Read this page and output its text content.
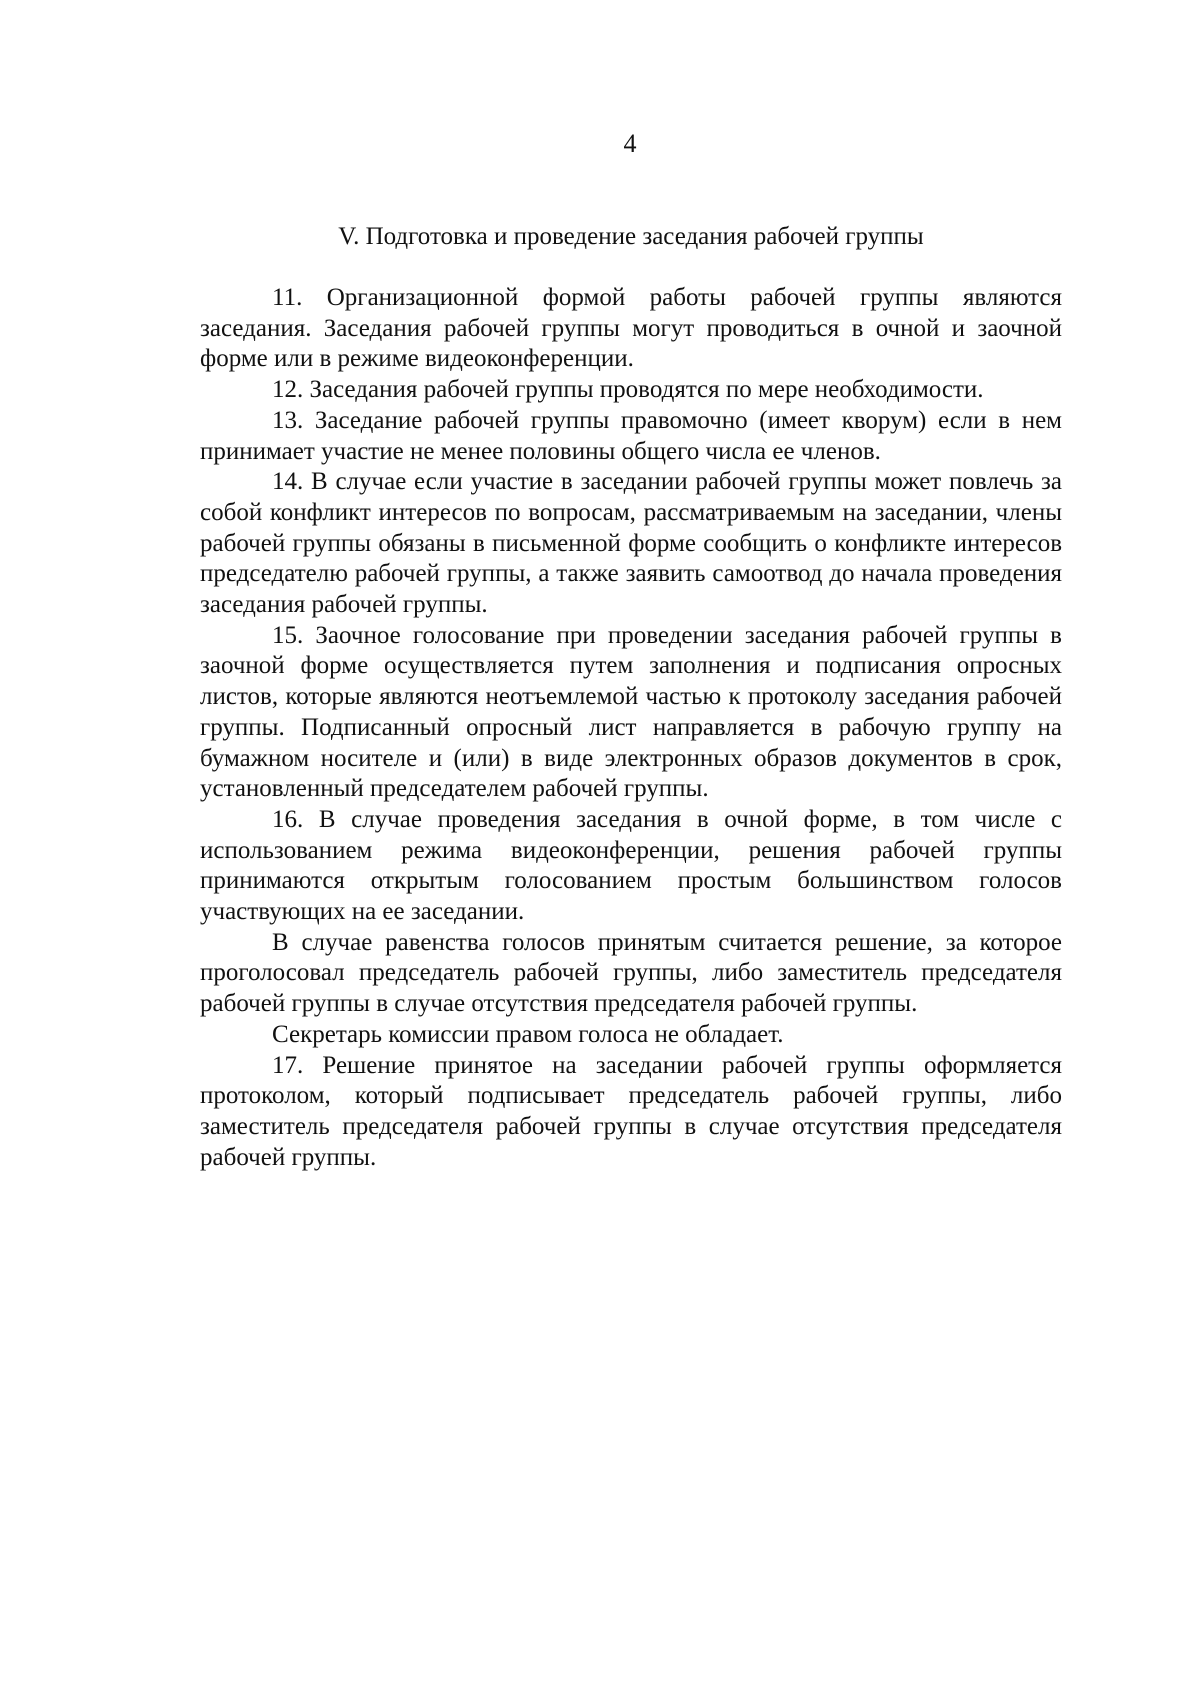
4
V. Подготовка и проведение заседания рабочей группы

11. Организационной формой работы рабочей группы являются заседания. Заседания рабочей группы могут проводиться в очной и заочной форме или в режиме видеоконференции.

12. Заседания рабочей группы проводятся по мере необходимости.

13. Заседание рабочей группы правомочно (имеет кворум) если в нем принимает участие не менее половины общего числа ее членов.

14. В случае если участие в заседании рабочей группы может повлечь за собой конфликт интересов по вопросам, рассматриваемым на заседании, члены рабочей группы обязаны в письменной форме сообщить о конфликте интересов председателю рабочей группы, а также заявить самоотвод до начала проведения заседания рабочей группы.

15. Заочное голосование при проведении заседания рабочей группы в заочной форме осуществляется путем заполнения и подписания опросных листов, которые являются неотъемлемой частью к протоколу заседания рабочей группы. Подписанный опросный лист направляется в рабочую группу на бумажном носителе и (или) в виде электронных образов документов в срок, установленный председателем рабочей группы.

16. В случае проведения заседания в очной форме, в том числе с использованием режима видеоконференции, решения рабочей группы принимаются открытым голосованием простым большинством голосов участвующих на ее заседании.

В случае равенства голосов принятым считается решение, за которое проголосовал председатель рабочей группы, либо заместитель председателя рабочей группы в случае отсутствия председателя рабочей группы.

Секретарь комиссии правом голоса не обладает.

17. Решение принятое на заседании рабочей группы оформляется протоколом, который подписывает председатель рабочей группы, либо заместитель председателя рабочей группы в случае отсутствия председателя рабочей группы.
